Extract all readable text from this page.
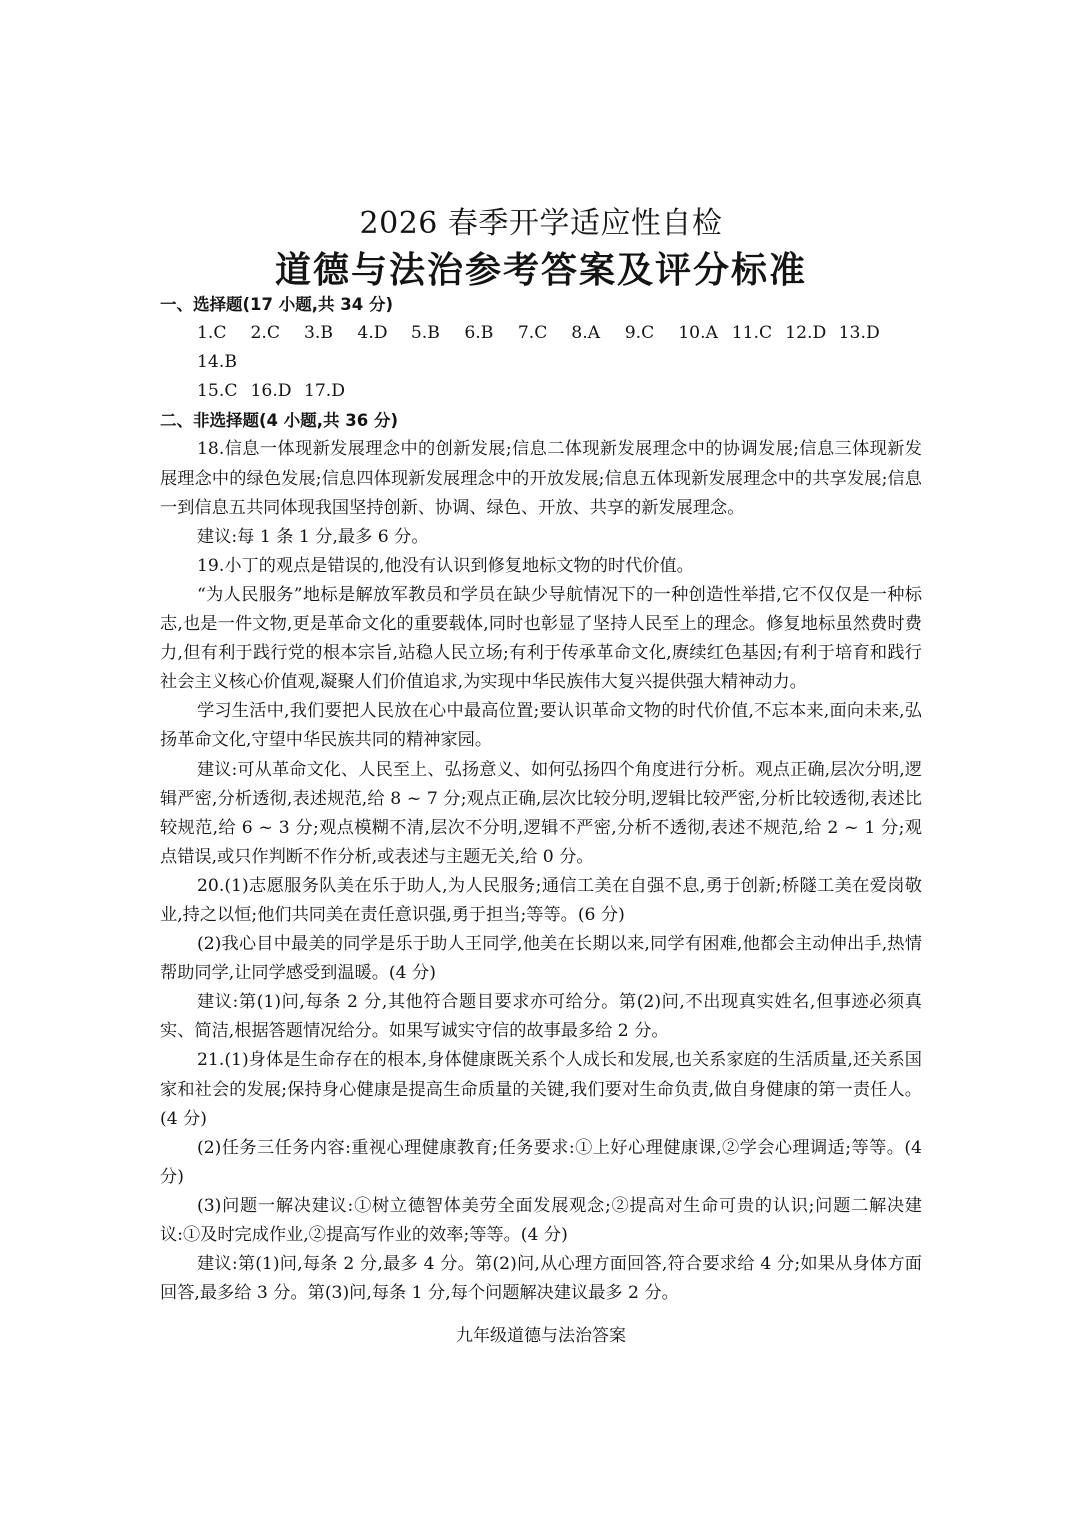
2026 春季开学适应性自检
道德与法治参考答案及评分标准
一、选择题(17 小题,共 34 分)
1.C 2.C 3.B 4.D 5.B 6.B 7.C 8.A 9.C 10.A 11.C 12.D 13.D 14.B
15.C 16.D 17.D
二、非选择题(4 小题,共 36 分)

18.信息一体现新发展理念中的创新发展;信息二体现新发展理念中的协调发展;信息三体现新发展理念中的绿色发展;信息四体现新发展理念中的开放发展;信息五体现新发展理念中的共享发展;信息一到信息五共同体现我国坚持创新、协调、绿色、开放、共享的新发展理念。

建议:每 1 条 1 分,最多 6 分。

19.小丁的观点是错误的,他没有认识到修复地标文物的时代价值。

“为人民服务”地标是解放军教员和学员在缺少导航情况下的一种创造性举措,它不仅仅是一种标志,也是一件文物,更是革命文化的重要载体,同时也彰显了坚持人民至上的理念。修复地标虽然费时费力,但有利于践行党的根本宗旨,站稳人民立场;有利于传承革命文化,赓续红色基因;有利于培育和践行社会主义核心价值观,凝聚人们价值追求,为实现中华民族伟大复兴提供强大精神动力。

学习生活中,我们要把人民放在心中最高位置;要认识革命文物的时代价值,不忘本来,面向未来,弘扬革命文化,守望中华民族共同的精神家园。

建议:可从革命文化、人民至上、弘扬意义、如何弘扬四个角度进行分析。观点正确,层次分明,逻辑严密,分析透彻,表述规范,给 8 ~ 7 分;观点正确,层次比较分明,逻辑比较严密,分析比较透彻,表述比较规范,给 6 ~ 3 分;观点模糊不清,层次不分明,逻辑不严密,分析不透彻,表述不规范,给 2 ~ 1 分;观点错误,或只作判断不作分析,或表述与主题无关,给 0 分。

20.(1)志愿服务队美在乐于助人,为人民服务;通信工美在自强不息,勇于创新;桥隧工美在爱岗敬业,持之以恒;他们共同美在责任意识强,勇于担当;等等。(6 分)

(2)我心目中最美的同学是乐于助人王同学,他美在长期以来,同学有困难,他都会主动伸出手,热情帮助同学,让同学感受到温暖。(4 分)

建议:第(1)问,每条 2 分,其他符合题目要求亦可给分。第(2)问,不出现真实姓名,但事迹必须真实、简洁,根据答题情况给分。如果写诚实守信的故事最多给 2 分。

21.(1)身体是生命存在的根本,身体健康既关系个人成长和发展,也关系家庭的生活质量,还关系国家和社会的发展;保持身心健康是提高生命质量的关键,我们要对生命负责,做自身健康的第一责任人。(4 分)

(2)任务三任务内容:重视心理健康教育;任务要求:①上好心理健康课,②学会心理调适;等等。(4 分)

(3)问题一解决建议:①树立德智体美劳全面发展观念;②提高对生命可贵的认识;问题二解决建议:①及时完成作业,②提高写作业的效率;等等。(4 分)

建议:第(1)问,每条 2 分,最多 4 分。第(2)问,从心理方面回答,符合要求给 4 分;如果从身体方面回答,最多给 3 分。第(3)问,每条 1 分,每个问题解决建议最多 2 分。

九年级道德与法治答案
